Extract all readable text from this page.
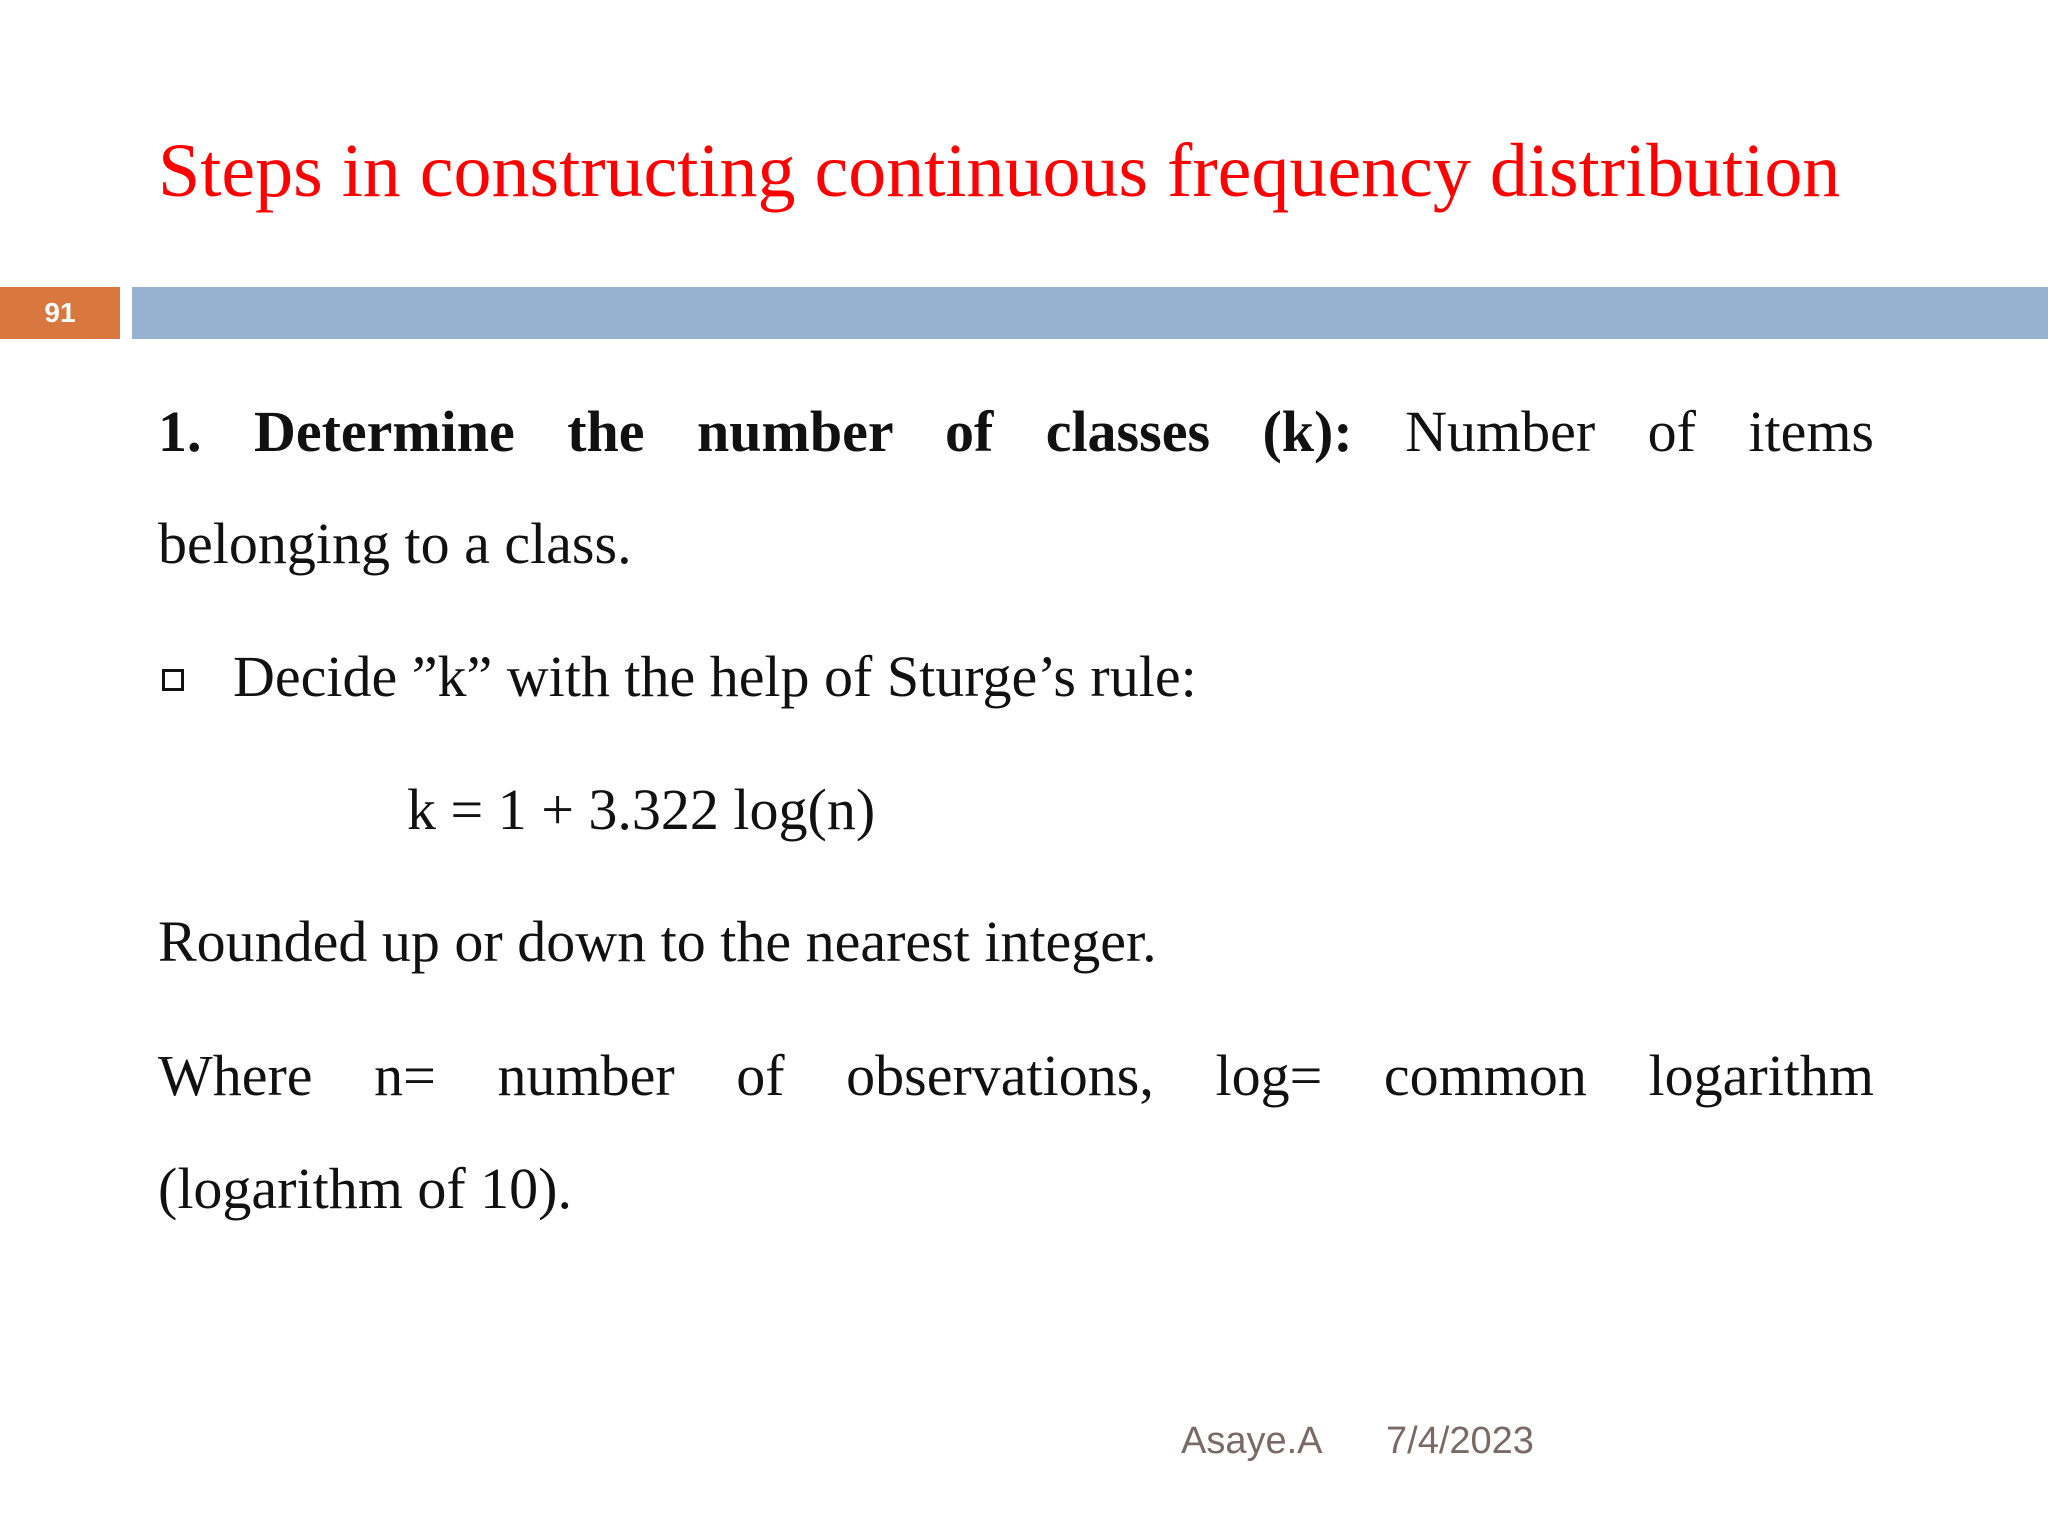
Steps in constructing continuous frequency distribution
91
1. Determine the number of classes (k): Number of items
belonging to a class.
Decide ”k” with the help of Sturge’s rule:
k = 1 + 3.322 log(n)
Rounded up or down to the nearest integer.
Where n= number of observations, log= common logarithm
(logarithm of 10).
Asaye.A 7/4/2023
